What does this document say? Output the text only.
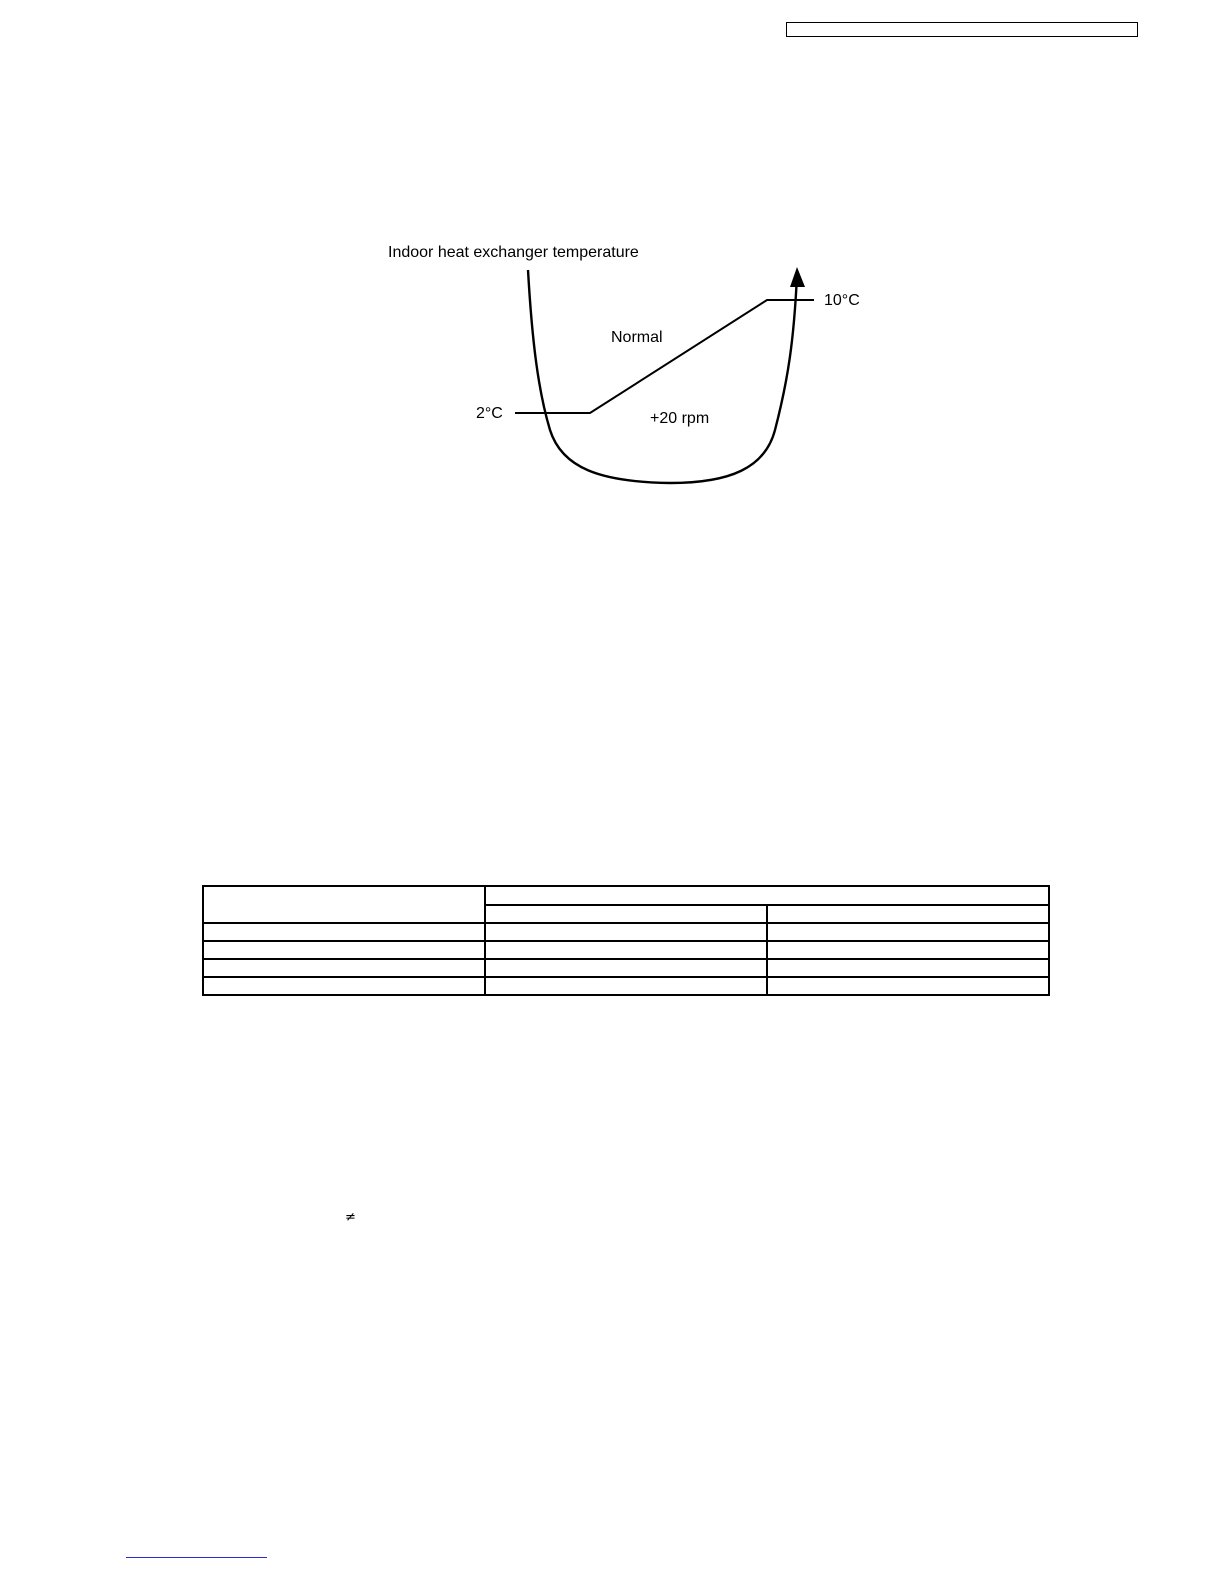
Indoor heat exchanger temperature
Normal
+20 rpm
2°C
10°C

≠
